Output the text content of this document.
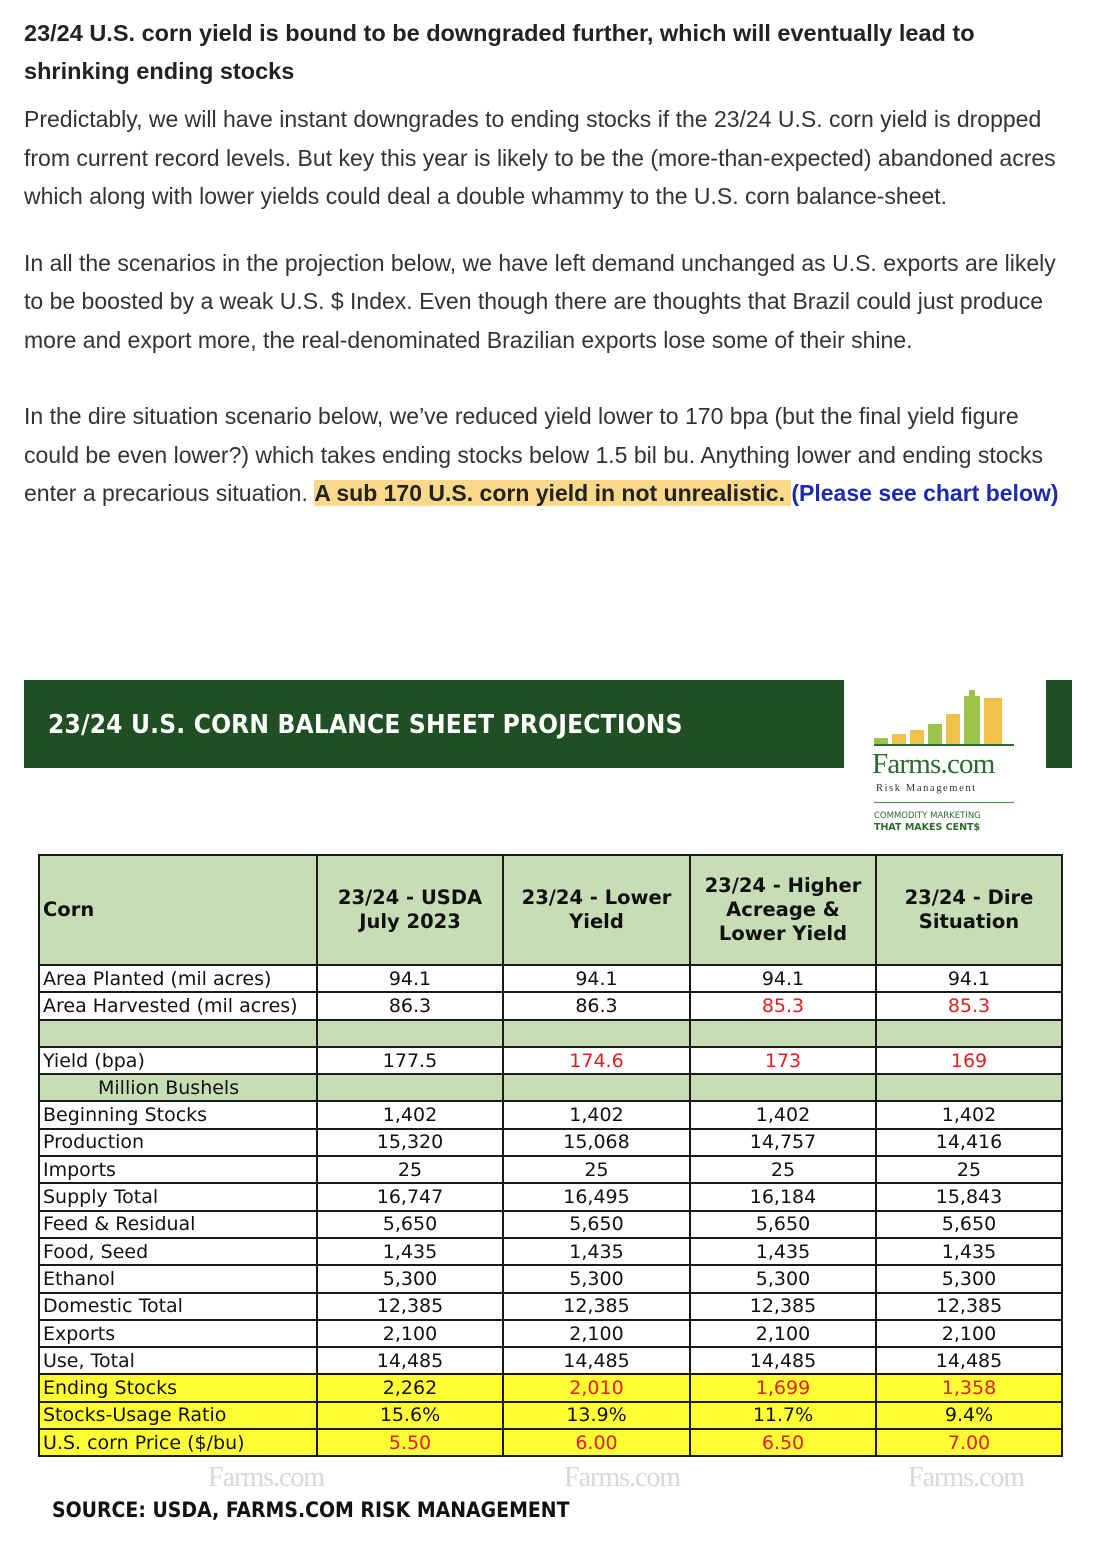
23/24 U.S. corn yield is bound to be downgraded further, which will eventually lead to shrinking ending stocks

Predictably, we will have instant downgrades to ending stocks if the 23/24 U.S. corn yield is dropped from current record levels. But key this year is likely to be the (more-than-expected) abandoned acres which along with lower yields could deal a double whammy to the U.S. corn balance-sheet.

In all the scenarios in the projection below, we have left demand unchanged as U.S. exports are likely to be boosted by a weak U.S. $ Index. Even though there are thoughts that Brazil could just produce more and export more, the real-denominated Brazilian exports lose some of their shine.

In the dire situation scenario below, we’ve reduced yield lower to 170 bpa (but the final yield figure could be even lower?) which takes ending stocks below 1.5 bil bu. Anything lower and ending stocks enter a precarious situation. A sub 170 U.S. corn yield in not unrealistic. (Please see chart below)

23/24 U.S. CORN BALANCE SHEET PROJECTIONS
Farms.com
Risk Management
COMMODITY MARKETING
THAT MAKES CENT$
Corn	23/24 - USDA July 2023	23/24 - Lower Yield	23/24 - Higher Acreage & Lower Yield	23/24 - Dire Situation
Area Planted (mil acres)	94.1	94.1	94.1	94.1
Area Harvested (mil acres)	86.3	86.3	85.3	85.3

Yield (bpa)	177.5	174.6	173	169
Million Bushels				
Beginning Stocks	1,402	1,402	1,402	1,402
Production	15,320	15,068	14,757	14,416
Imports	25	25	25	25
Supply Total	16,747	16,495	16,184	15,843
Feed & Residual	5,650	5,650	5,650	5,650
Food, Seed	1,435	1,435	1,435	1,435
Ethanol	5,300	5,300	5,300	5,300
Domestic Total	12,385	12,385	12,385	12,385
Exports	2,100	2,100	2,100	2,100
Use, Total	14,485	14,485	14,485	14,485
Ending Stocks	2,262	2,010	1,699	1,358
Stocks-Usage Ratio	15.6%	13.9%	11.7%	9.4%
U.S. corn Price ($/bu)	5.50	6.00	6.50	7.00
Farms.com	Farms.com	Farms.com
SOURCE: USDA, FARMS.COM RISK MANAGEMENT
